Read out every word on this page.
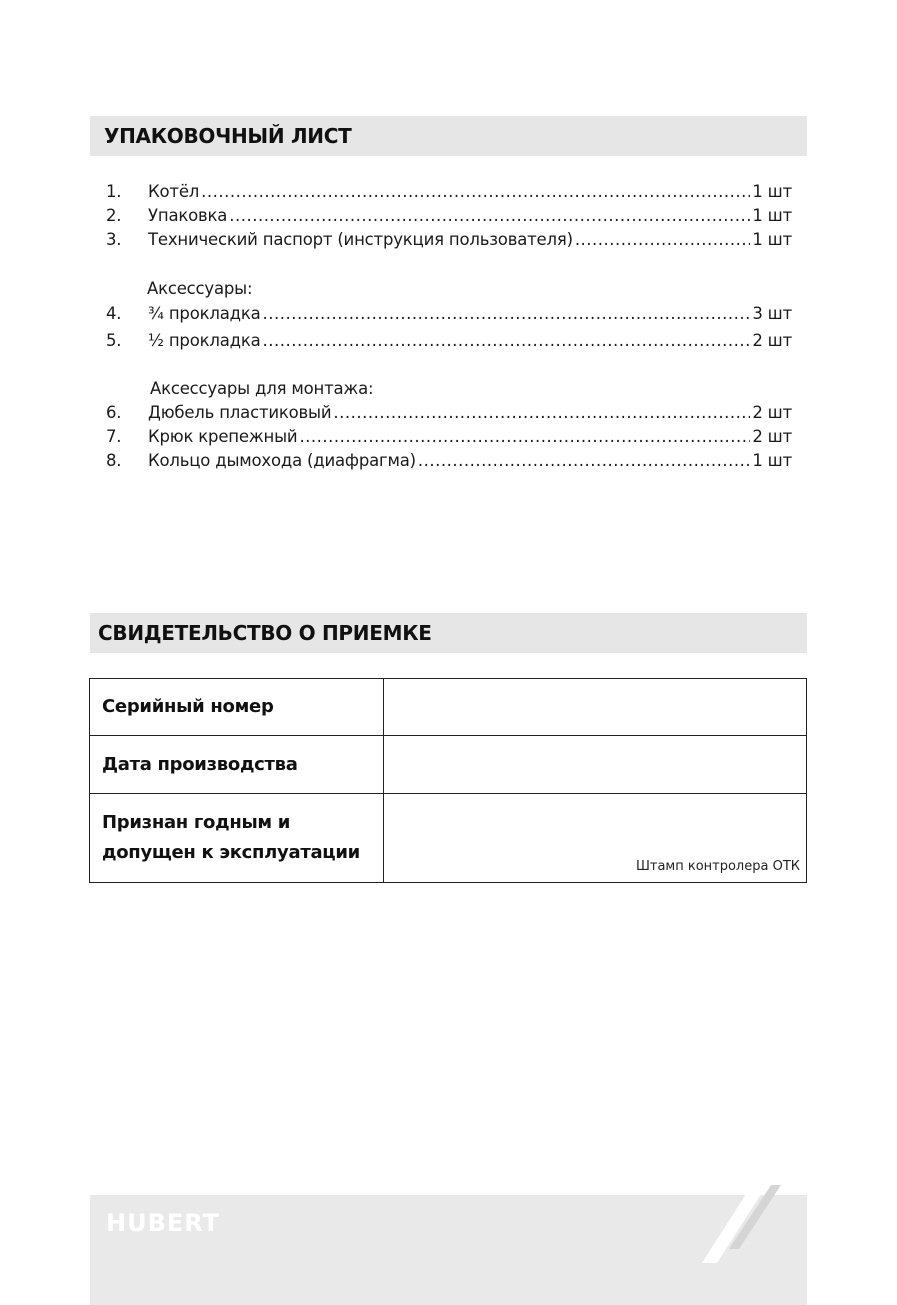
УПАКОВОЧНЫЙ ЛИСТ
1.	Котёл .....	1 шт
2.	Упаковка .....	1 шт
3.	Технический паспорт (инструкция пользователя) .....	1 шт
Аксессуары:
4.	¾ прокладка .....	3 шт
5.	½ прокладка .....	2 шт
Аксессуары для монтажа:
6.	Дюбель пластиковый .....	2 шт
7.	Крюк крепежный .....	2 шт
8.	Кольцо дымохода (диафрагма) .....	1 шт
СВИДЕТЕЛЬСТВО О ПРИЕМКЕ
Серийный номер	
Дата производства	

Признан годным и
допущен к эксплуатации	Штамп контролера ОТК
HUBERT
